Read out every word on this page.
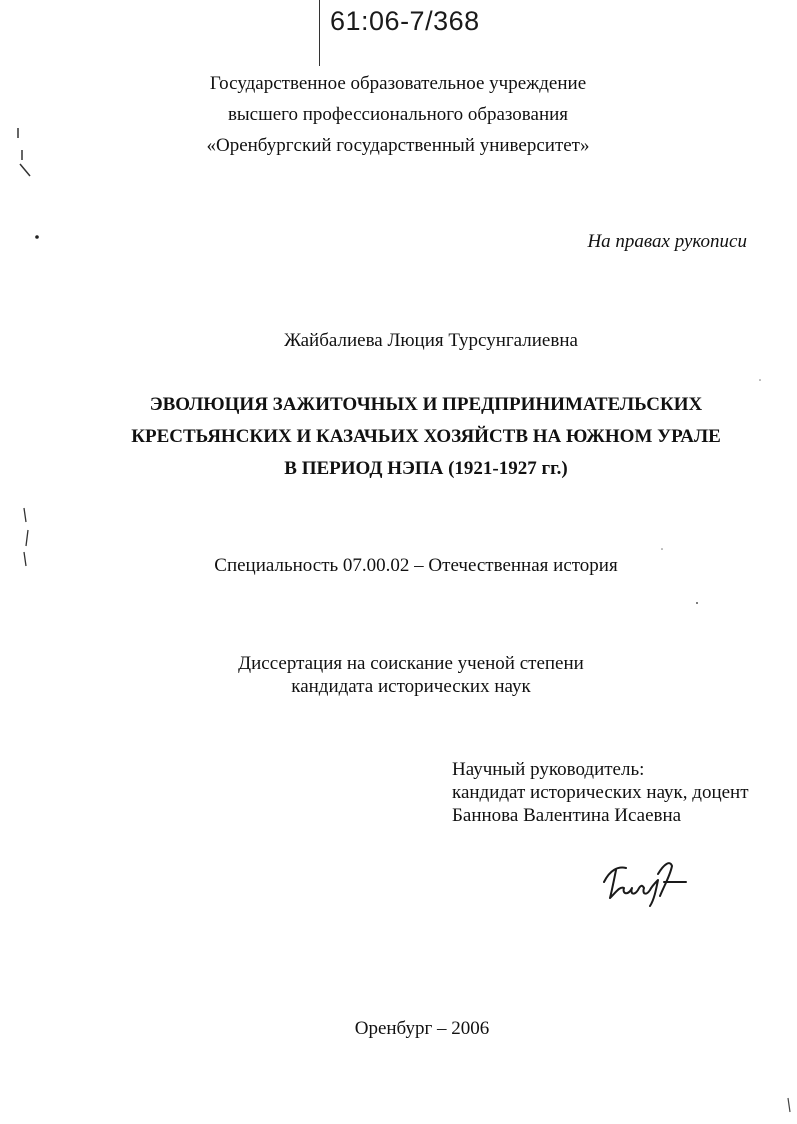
61:06-7/368
Государственное образовательное учреждение
высшего профессионального образования
«Оренбургский государственный университет»
На правах рукописи
Жайбалиева Люция Турсунгалиевна
ЭВОЛЮЦИЯ ЗАЖИТОЧНЫХ И ПРЕДПРИНИМАТЕЛЬСКИХ
КРЕСТЬЯНСКИХ И КАЗАЧЬИХ ХОЗЯЙСТВ НА ЮЖНОМ УРАЛЕ
В ПЕРИОД НЭПА (1921-1927 гг.)
Специальность 07.00.02 – Отечественная история
Диссертация на соискание ученой степени
кандидата исторических наук
Научный руководитель:
кандидат исторических наук, доцент
Баннова Валентина Исаевна
Оренбург – 2006
